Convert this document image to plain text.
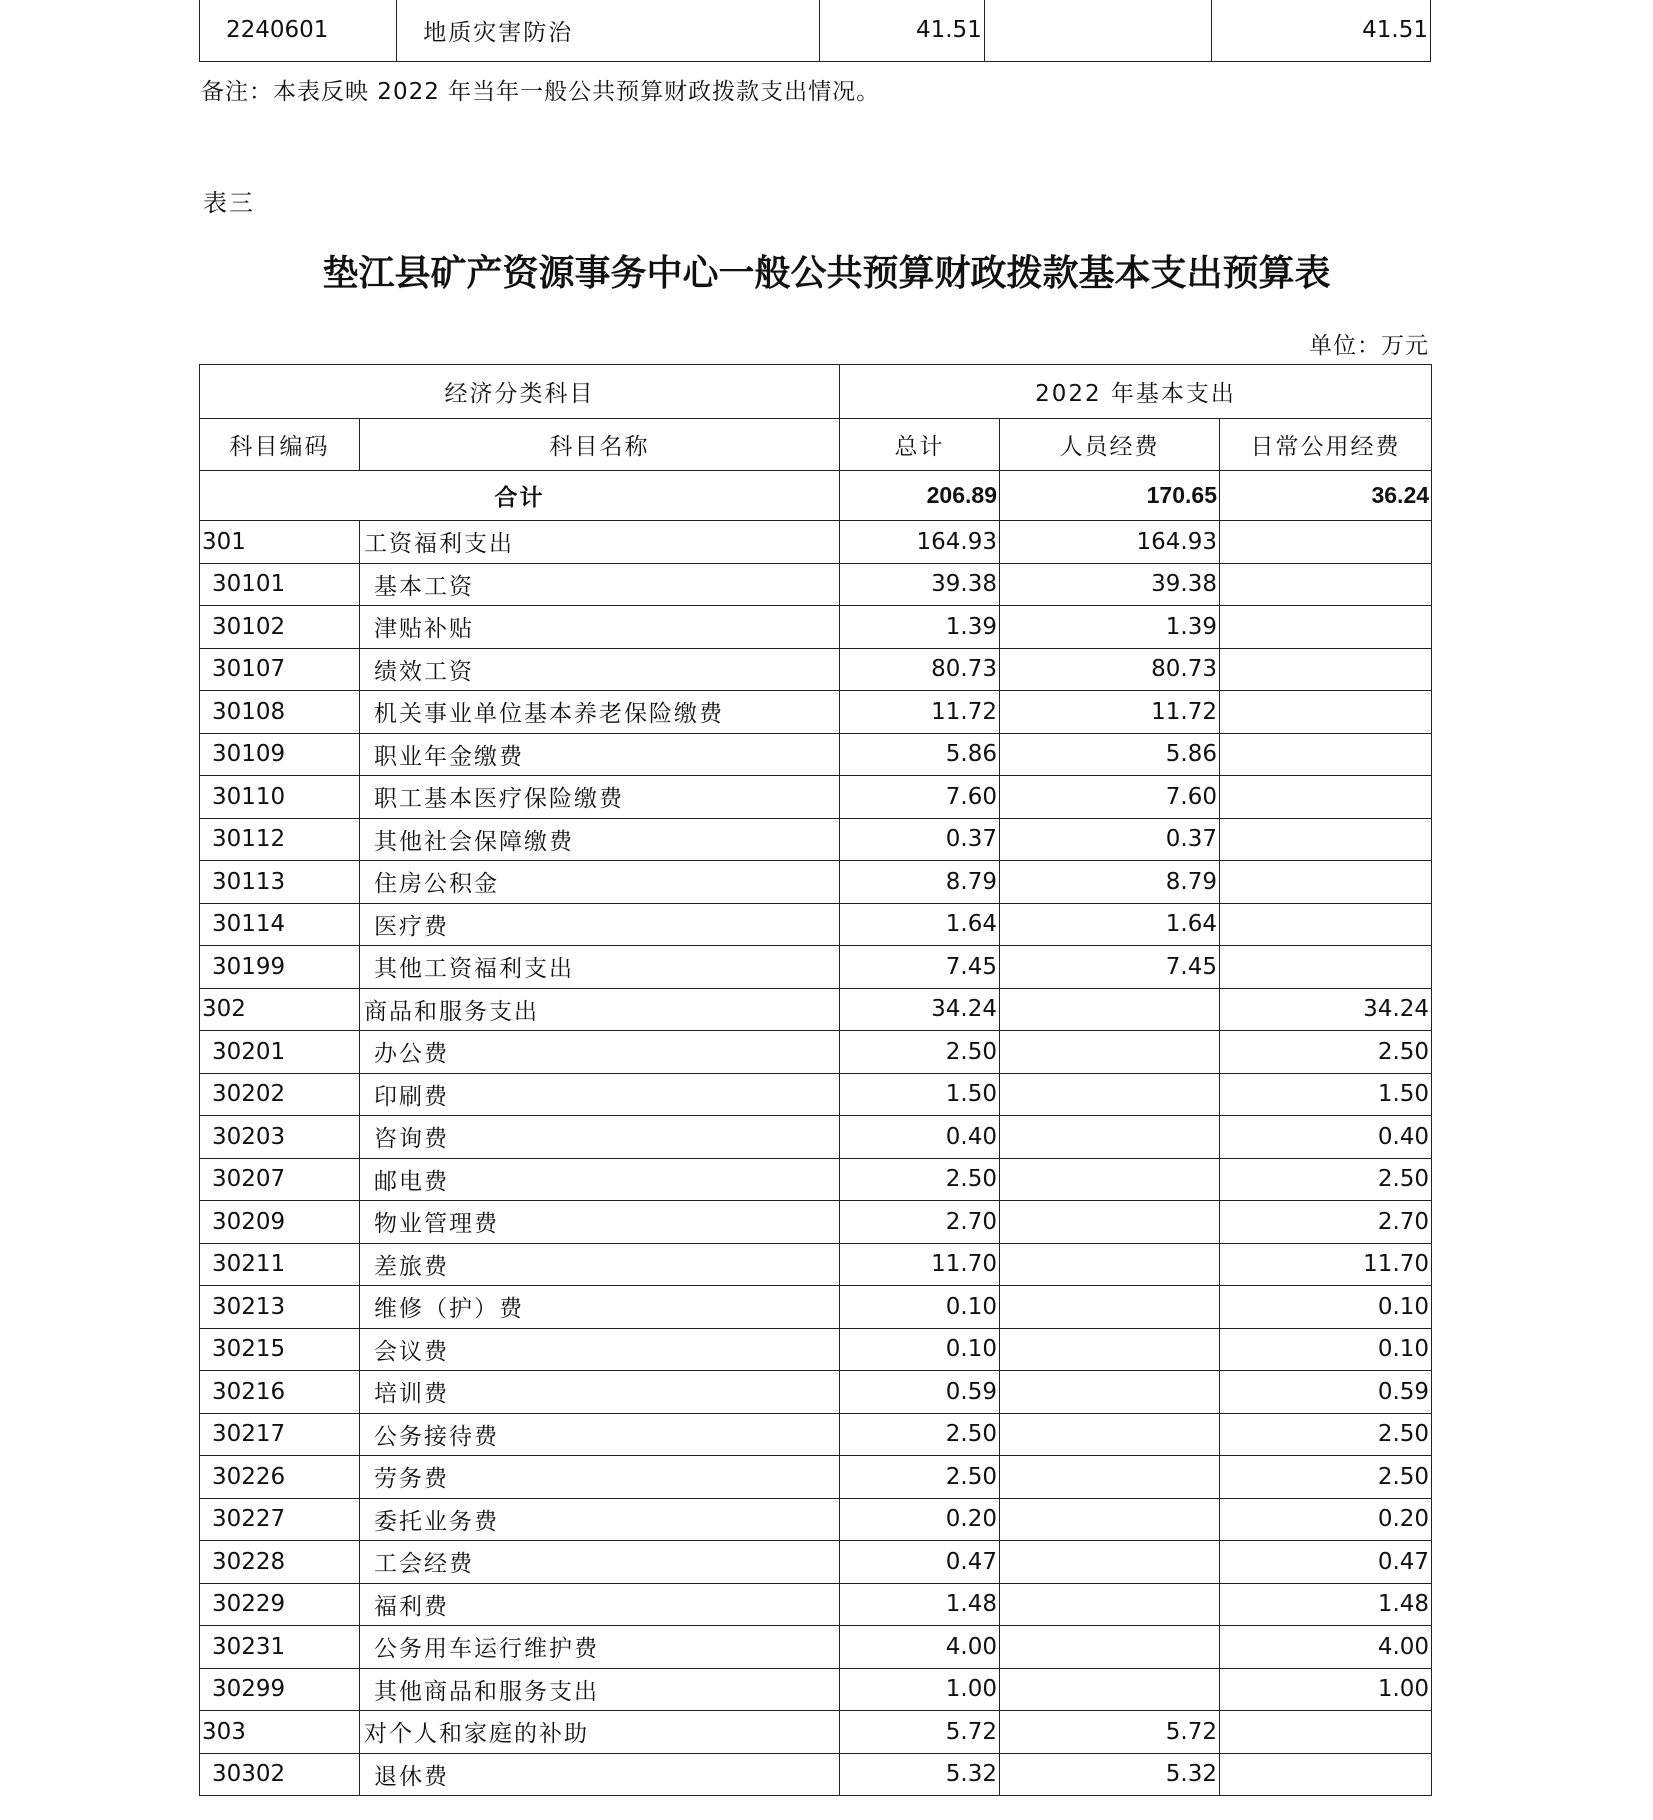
2240601	地质灾害防治	41.51		41.51
备注：本表反映 2022 年当年一般公共预算财政拨款支出情况。
表三
垫江县矿产资源事务中心一般公共预算财政拨款基本支出预算表
单位：万元
经济分类科目		2022 年基本支出		
科目编码	科目名称	总计	人员经费	日常公用经费
合计		206.89	170.65	36.24
301	工资福利支出	164.93	164.93	
30101	基本工资	39.38	39.38	
30102	津贴补贴	1.39	1.39	
30107	绩效工资	80.73	80.73	
30108	机关事业单位基本养老保险缴费	11.72	11.72	
30109	职业年金缴费	5.86	5.86	
30110	职工基本医疗保险缴费	7.60	7.60	
30112	其他社会保障缴费	0.37	0.37	
30113	住房公积金	8.79	8.79	
30114	医疗费	1.64	1.64	
30199	其他工资福利支出	7.45	7.45	
302	商品和服务支出	34.24		34.24
30201	办公费	2.50		2.50
30202	印刷费	1.50		1.50
30203	咨询费	0.40		0.40
30207	邮电费	2.50		2.50
30209	物业管理费	2.70		2.70
30211	差旅费	11.70		11.70
30213	维修（护）费	0.10		0.10
30215	会议费	0.10		0.10
30216	培训费	0.59		0.59
30217	公务接待费	2.50		2.50
30226	劳务费	2.50		2.50
30227	委托业务费	0.20		0.20
30228	工会经费	0.47		0.47
30229	福利费	1.48		1.48
30231	公务用车运行维护费	4.00		4.00
30299	其他商品和服务支出	1.00		1.00
303	对个人和家庭的补助	5.72	5.72	
30302	退休费	5.32	5.32	
